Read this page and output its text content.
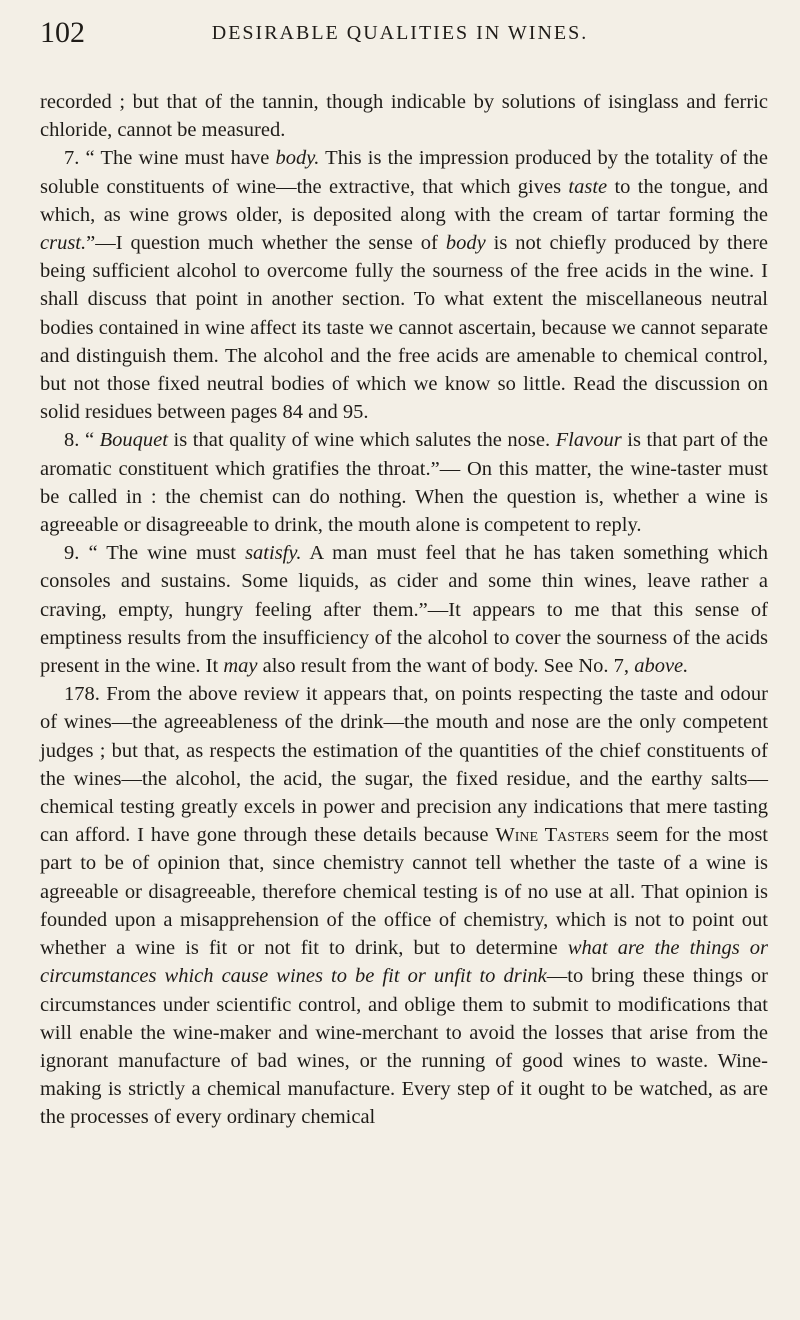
102	DESIRABLE QUALITIES IN WINES.

recorded ; but that of the tannin, though indicable by solutions of isinglass and ferric chloride, cannot be measured.

7. “ The wine must have body. This is the impression produced by the totality of the soluble constituents of wine—the extractive, that which gives taste to the tongue, and which, as wine grows older, is deposited along with the cream of tartar forming the crust.”—I question much whether the sense of body is not chiefly produced by there being sufficient alcohol to overcome fully the sourness of the free acids in the wine. I shall discuss that point in another section. To what extent the miscellaneous neutral bodies contained in wine affect its taste we cannot ascertain, because we cannot separate and distinguish them. The alcohol and the free acids are amenable to chemical control, but not those fixed neutral bodies of which we know so little. Read the discussion on solid residues between pages 84 and 95.

8. “ Bouquet is that quality of wine which salutes the nose. Flavour is that part of the aromatic constituent which gratifies the throat.”— On this matter, the wine-taster must be called in : the chemist can do nothing. When the question is, whether a wine is agreeable or disagreeable to drink, the mouth alone is competent to reply.

9. “ The wine must satisfy. A man must feel that he has taken something which consoles and sustains. Some liquids, as cider and some thin wines, leave rather a craving, empty, hungry feeling after them.”—It appears to me that this sense of emptiness results from the insufficiency of the alcohol to cover the sourness of the acids present in the wine. It may also result from the want of body. See No. 7, above.

178. From the above review it appears that, on points respecting the taste and odour of wines—the agreeableness of the drink—the mouth and nose are the only competent judges ; but that, as respects the estimation of the quantities of the chief constituents of the wines—the alcohol, the acid, the sugar, the fixed residue, and the earthy salts— chemical testing greatly excels in power and precision any indications that mere tasting can afford. I have gone through these details because Wine Tasters seem for the most part to be of opinion that, since chemistry cannot tell whether the taste of a wine is agreeable or disagreeable, therefore chemical testing is of no use at all. That opinion is founded upon a misapprehension of the office of chemistry, which is not to point out whether a wine is fit or not fit to drink, but to determine what are the things or circumstances which cause wines to be fit or unfit to drink—to bring these things or circumstances under scientific control, and oblige them to submit to modifications that will enable the wine-maker and wine-merchant to avoid the losses that arise from the ignorant manufacture of bad wines, or the running of good wines to waste. Wine-making is strictly a chemical manufacture. Every step of it ought to be watched, as are the processes of every ordinary chemical
